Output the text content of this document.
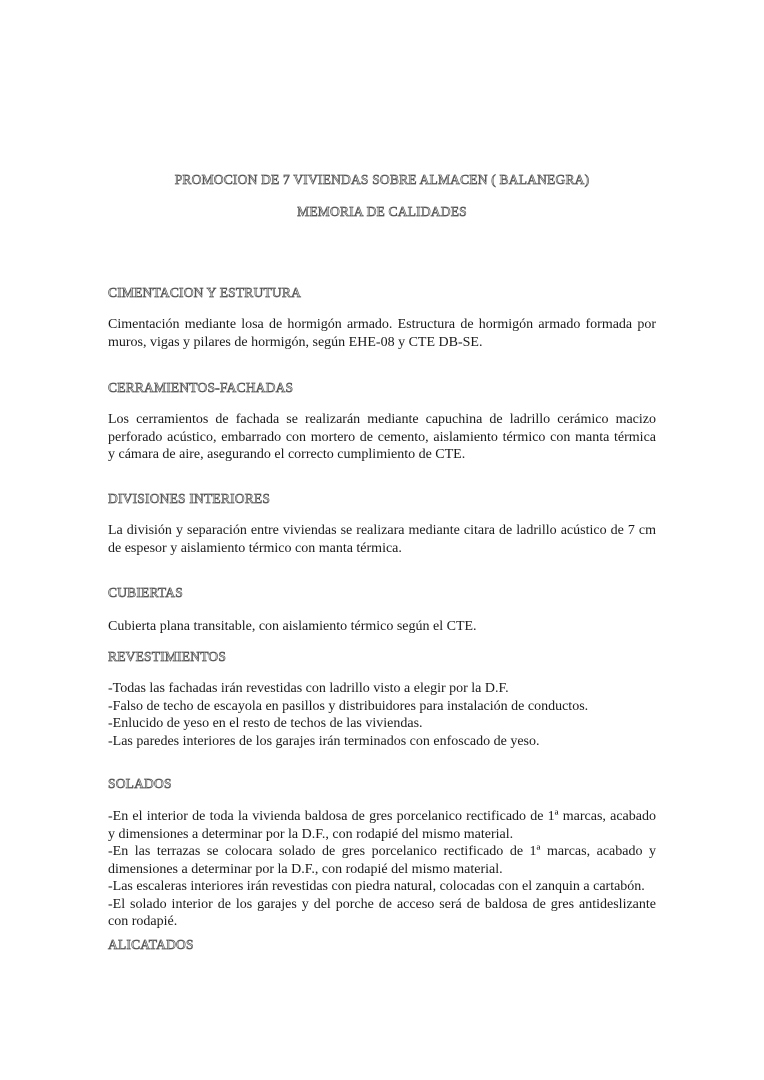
PROMOCION DE 7 VIVIENDAS SOBRE ALMACEN ( BALANEGRA)
MEMORIA DE CALIDADES
CIMENTACION Y ESTRUTURA
Cimentación mediante losa de hormigón armado. Estructura de hormigón armado formada por
muros, vigas y pilares de hormigón, según EHE-08 y CTE DB-SE.
CERRAMIENTOS-FACHADAS
Los cerramientos de fachada se realizarán mediante capuchina de ladrillo cerámico macizo
perforado acústico, embarrado con mortero de cemento, aislamiento térmico con manta térmica
y cámara de aire, asegurando el correcto cumplimiento de CTE.
DIVISIONES INTERIORES
La división y separación entre viviendas se realizara mediante citara de ladrillo acústico de 7 cm
de espesor y aislamiento térmico con manta térmica.
CUBIERTAS
Cubierta plana transitable, con aislamiento térmico según el CTE.
REVESTIMIENTOS
-Todas las fachadas irán revestidas con ladrillo visto a elegir por la D.F.
-Falso de techo de escayola en pasillos y distribuidores para instalación de conductos.
-Enlucido de yeso en el resto de techos de las viviendas.
-Las paredes interiores de los garajes irán terminados con enfoscado de yeso.
SOLADOS
-En el interior de toda la vivienda baldosa de gres porcelanico rectificado de 1ª marcas, acabado
y dimensiones a determinar por la D.F., con rodapié del mismo material.
-En las terrazas se colocara solado de gres porcelanico rectificado de 1ª marcas, acabado y
dimensiones a determinar por la D.F., con rodapié del mismo material.
-Las escaleras interiores irán revestidas con piedra natural, colocadas con el zanquin a cartabón.
-El solado interior de los garajes y del porche de acceso será de baldosa de gres antideslizante
con rodapié.
ALICATADOS
